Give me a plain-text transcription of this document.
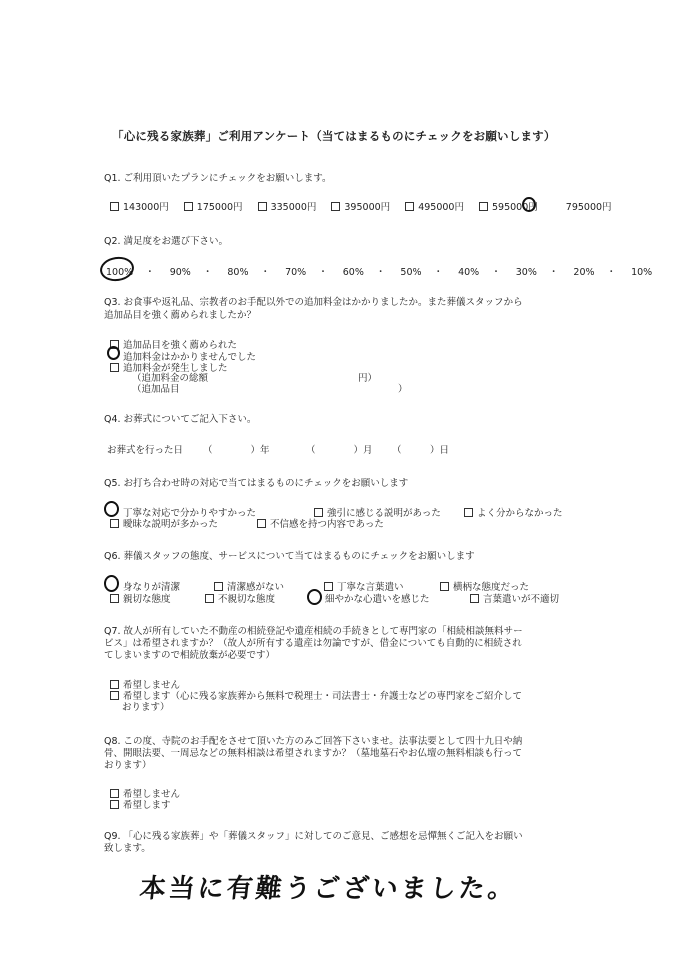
「心に残る家族葬」ご利用アンケート（当てはまるものにチェックをお願いします）
Q1. ご利用頂いたプランにチェックをお願いします。
143000円	175000円	335000円	395000円	495000円	595000円	795000円
Q2. 満足度をお選び下さい。
100% ・ 90% ・ 80% ・ 70% ・ 60% ・ 50% ・ 40% ・ 30% ・ 20% ・ 10%
Q3. お食事や返礼品、宗教者のお手配以外での追加料金はかかりましたか。また葬儀スタッフから
追加品目を強く薦められましたか？
追加品目を強く薦められた
追加料金はかかりませんでした
追加料金が発生しました
（追加料金の総額	円）
（追加品目	）
Q4. お葬式についてご記入下さい。
お葬式を行った日 （　　　　）年	（　　　　）月 （　　　）日
Q5. お打ち合わせ時の対応で当てはまるものにチェックをお願いします
丁寧な対応で分かりやすかった	強引に感じる説明があった	よく分からなかった
曖昧な説明が多かった	不信感を持つ内容であった
Q6. 葬儀スタッフの態度、サービスについて当てはまるものにチェックをお願いします
身なりが清潔	清潔感がない	丁寧な言葉遣い	横柄な態度だった
親切な態度	不親切な態度	細やかな心遣いを感じた	言葉遣いが不適切
Q7. 故人が所有していた不動産の相続登記や遺産相続の手続きとして専門家の「相続相談無料サー
ビス」は希望されますか？（故人が所有する遺産は勿論ですが、借金についても自動的に相続され
てしまいますので相続放棄が必要です）
希望しません
希望します（心に残る家族葬から無料で税理士・司法書士・弁護士などの専門家をご紹介して
おります）
Q8. この度、寺院のお手配をさせて頂いた方のみご回答下さいませ。法事法要として四十九日や納
骨、開眼法要、一周忌などの無料相談は希望されますか？（墓地墓石やお仏壇の無料相談も行って
おります）
希望しません
希望します
Q9. 「心に残る家族葬」や「葬儀スタッフ」に対してのご意見、ご感想を忌憚無くご記入をお願い
致します。
本当に有難うございました。
